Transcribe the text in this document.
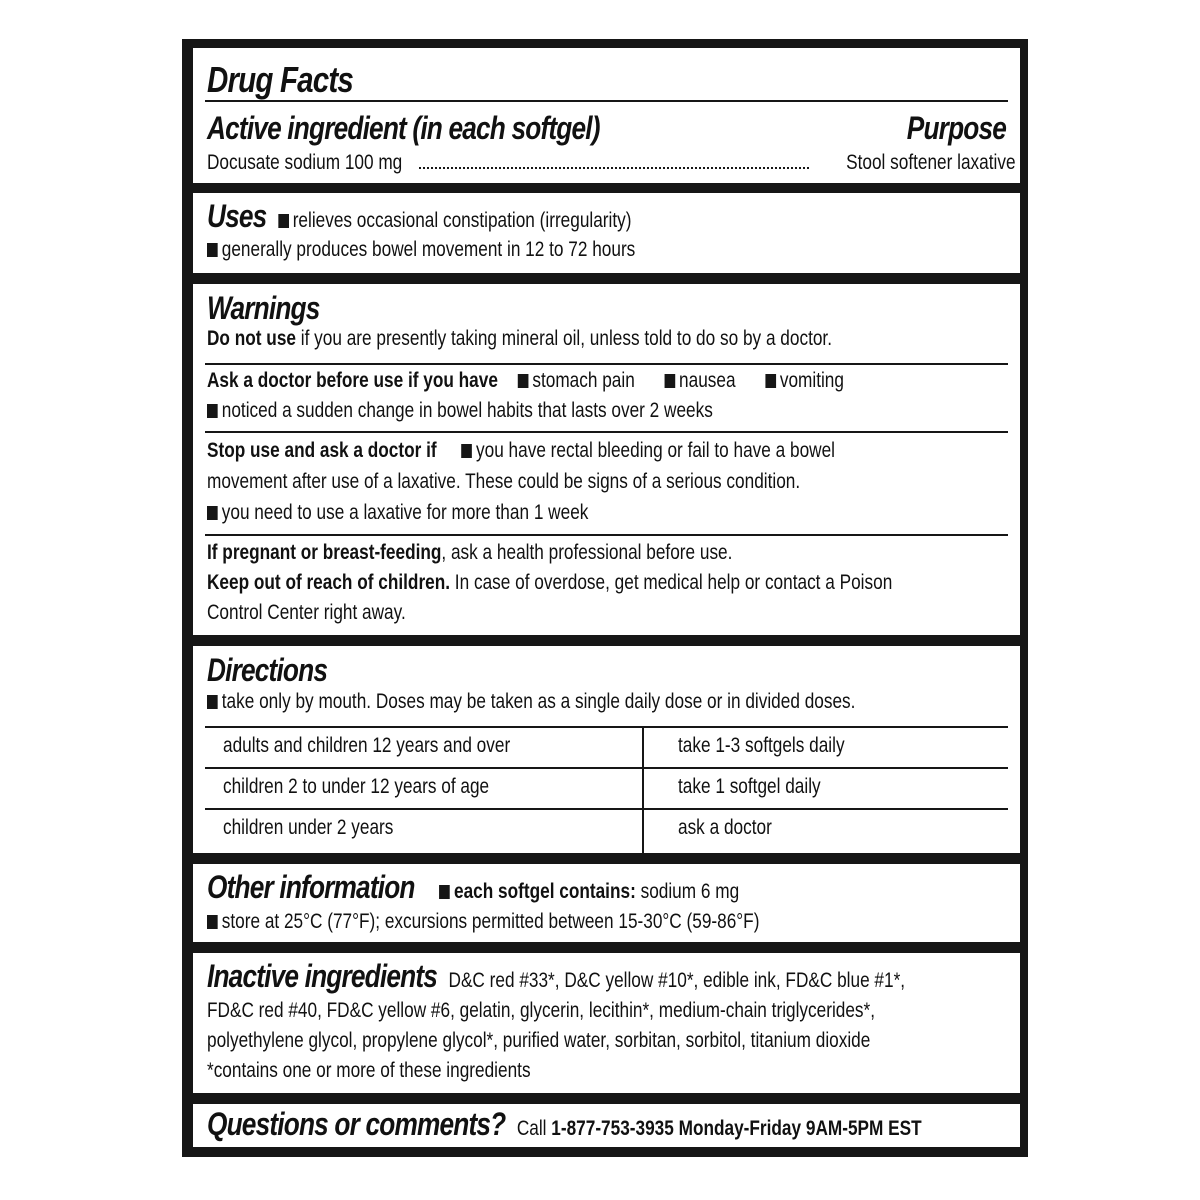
Drug Facts
Active ingredient (in each softgel)	Purpose
Docusate sodium 100 mg	Stool softener laxative
Uses relieves occasional constipation (irregularity)
generally produces bowel movement in 12 to 72 hours
Warnings
Do not use if you are presently taking mineral oil, unless told to do so by a doctor.
Ask a doctor before use if you have stomach pain nausea vomiting
noticed a sudden change in bowel habits that lasts over 2 weeks
Stop use and ask a doctor if you have rectal bleeding or fail to have a bowel
movement after use of a laxative. These could be signs of a serious condition.
you need to use a laxative for more than 1 week
If pregnant or breast-feeding, ask a health professional before use.
Keep out of reach of children. In case of overdose, get medical help or contact a Poison
Control Center right away.
Directions
take only by mouth. Doses may be taken as a single daily dose or in divided doses.
adults and children 12 years and over	take 1-3 softgels daily
children 2 to under 12 years of age	take 1 softgel daily
children under 2 years	ask a doctor
Other information each softgel contains: sodium 6 mg
store at 25°C (77°F); excursions permitted between 15-30°C (59-86°F)
Inactive ingredients D&C red #33*, D&C yellow #10*, edible ink, FD&C blue #1*,
FD&C red #40, FD&C yellow #6, gelatin, glycerin, lecithin*, medium-chain triglycerides*,
polyethylene glycol, propylene glycol*, purified water, sorbitan, sorbitol, titanium dioxide
*contains one or more of these ingredients
Questions or comments? Call 1-877-753-3935 Monday-Friday 9AM-5PM EST
